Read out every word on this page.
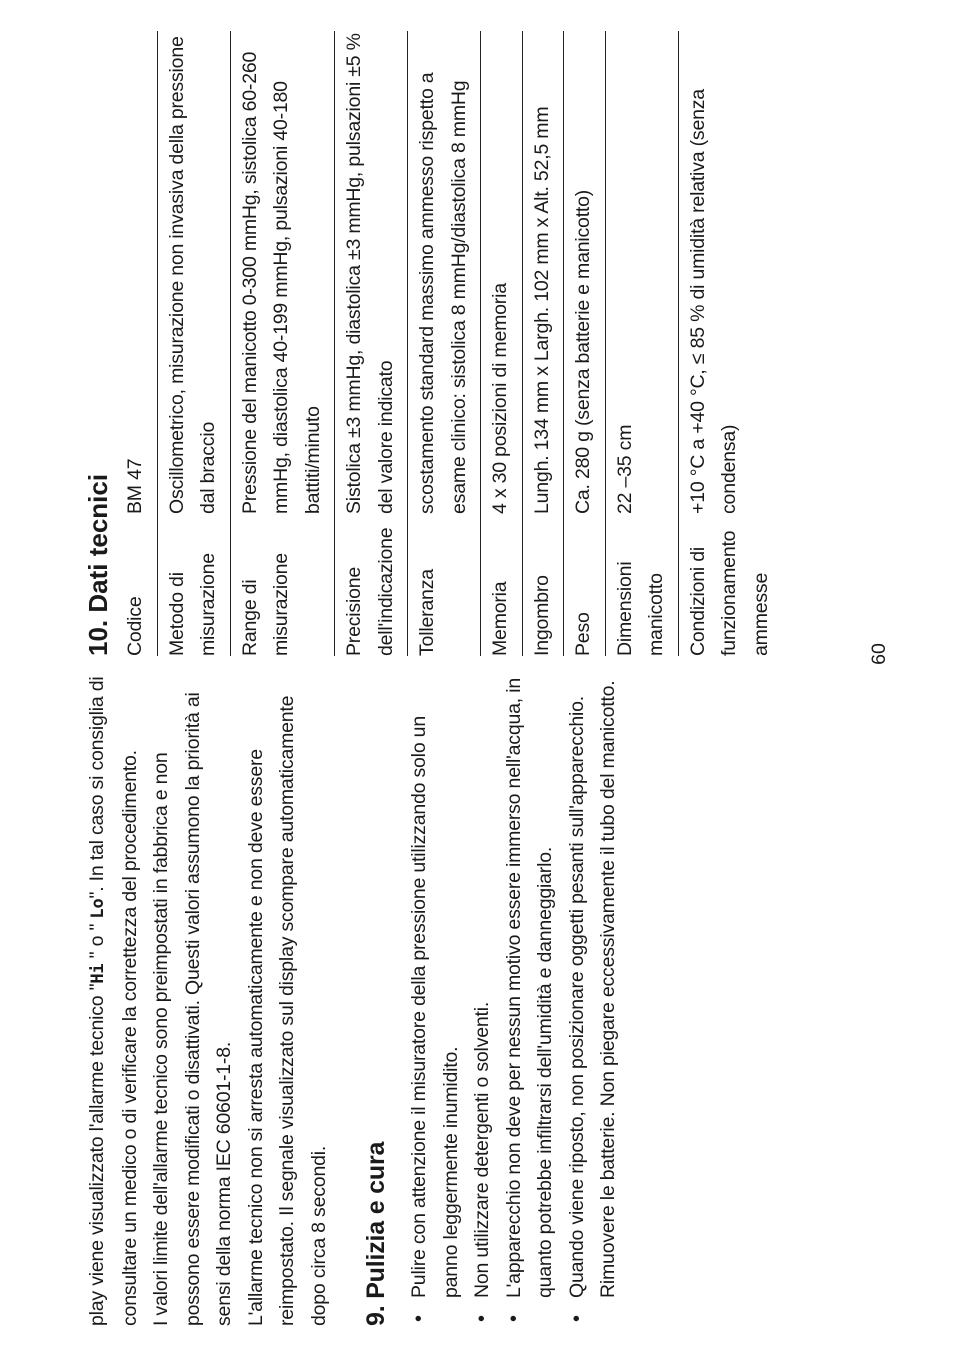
play viene visualizzato l'allarme tecnico "Hi " o " Lo". In tal caso si consiglia di consultare un medico o di verificare la correttezza del procedimento. I valori limite dell'allarme tecnico sono preimpostati in fabbrica e non possono essere modificati o disattivati. Questi valori assumono la priorità ai sensi della norma IEC 60601-1-8. L'allarme tecnico non si arresta automaticamente e non deve essere reimpostato. Il segnale visualizzato sul display scompare automaticamente dopo circa 8 secondi. 9. Pulizia e cura •
Pulire con attenzione il misuratore della pressione utilizzando solo un panno leggermente inumidito.
•
Non utilizzare detergenti o solventi.
•
L'apparecchio non deve per nessun motivo essere immerso nell'acqua, in quanto potrebbe infiltrarsi dell'umidità e danneggiarlo.
•
Quando viene riposto, non posizionare oggetti pesanti sull'apparecchio. Rimuovere le batterie. Non piegare eccessivamente il tubo del manicotto.
10. Dati tecnici Codice	BM 47
Metodo di misurazione	Oscillometrico, misurazione non invasiva della pressione dal braccio
Range di misurazione	Pressione del manicotto 0-300 mmHg, sistolica 60-260 mmHg, diastolica 40-199 mmHg, pulsazioni 40-180 battiti/minuto
Precisione dell'indicazione	Sistolica ±3 mmHg, diastolica ±3 mmHg, pulsazioni ±5 % del valore indicato
Tolleranza	scostamento standard massimo ammesso rispetto a esame clinico: sistolica 8 mmHg/diastolica 8 mmHg
Memoria	4 x 30 posizioni di memoria
Ingombro	Lungh. 134 mm x Largh. 102 mm x Alt. 52,5 mm
Peso	Ca. 280 g (senza batterie e manicotto)
Dimensioni manicotto	22 –35 cm
Condizioni di funzionamento ammesse	+10 °C a +40 °C, ≤ 85 % di umidità relativa (senza condensa)
60
